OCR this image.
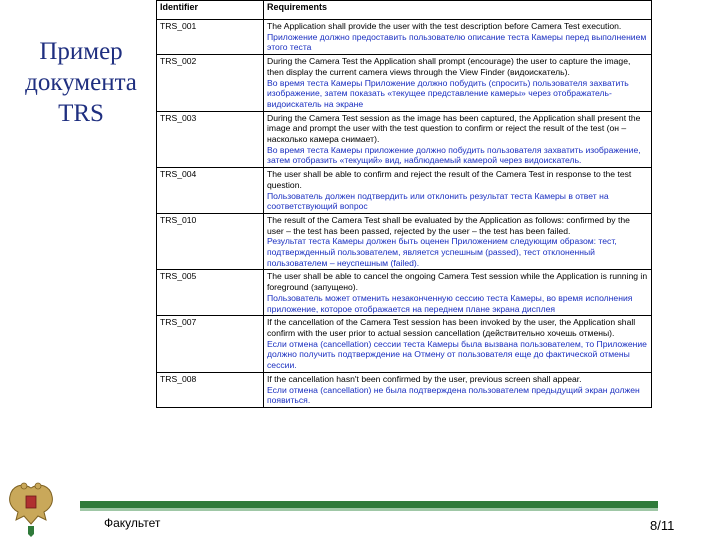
Пример
документа
TRS
Identifier	Requirements
TRS_001	The Application shall provide the user with the test description before Camera Test execution.
Приложение должно предоставить пользователю описание теста Камеры перед выполнением этого теста

TRS_002	During the Camera Test the Application shall prompt (encourage) the user to capture the image, then display the current camera views through the View Finder (видоискатель).
Во время теста Камеры Приложение должно побудить (спросить) пользователя захватить изображение, затем показать «текущее представление камеры» через отображатель-видоискатель на экране

TRS_003	During the Camera Test session as the image has been captured, the Application shall present the image and prompt the user with the test question to confirm or reject the result of the test (он – насколько камера снимает).
Во время теста Камеры приложение должно побудить пользователя захватить изображение, затем отобразить «текущий» вид, наблюдаемый камерой через видоискатель.

TRS_004	The user shall be able to confirm and reject the result of the Camera Test in response to the test question.
Пользователь должен подтвердить или отклонить результат теста Камеры в ответ на соответствующий вопрос

TRS_010	The result of the Camera Test shall be evaluated by the Application as follows: confirmed by the user – the test has been passed, rejected by the user – the test has been failed.
Результат теста Камеры должен быть оценен Приложением следующим образом: тест, подтвержденный пользователем, является успешным (passed), тест отклоненный пользователем – неуспешным (failed).

TRS_005	The user shall be able to cancel the ongoing Camera Test session while the Application is running in foreground (запущено).
Пользователь может отменить незаконченную сессию теста Камеры, во время исполнения приложение, которое отображается на переднем плане экрана дисплея

TRS_007	If the cancellation of the Camera Test session has been invoked by the user, the Application shall confirm with the user prior to actual session cancellation (действительно хочешь отмены).
Если отмена (cancellation) сессии теста Камеры была вызвана пользователем, то Приложение должно получить подтверждение на Отмену от пользователя еще до фактической отмены сессии.

TRS_008	If the cancellation hasn't been confirmed by the user, previous screen shall appear.
Если отмена (cancellation) не была подтверждена пользователем предыдущий экран должен появиться.
Факультет	8/11
